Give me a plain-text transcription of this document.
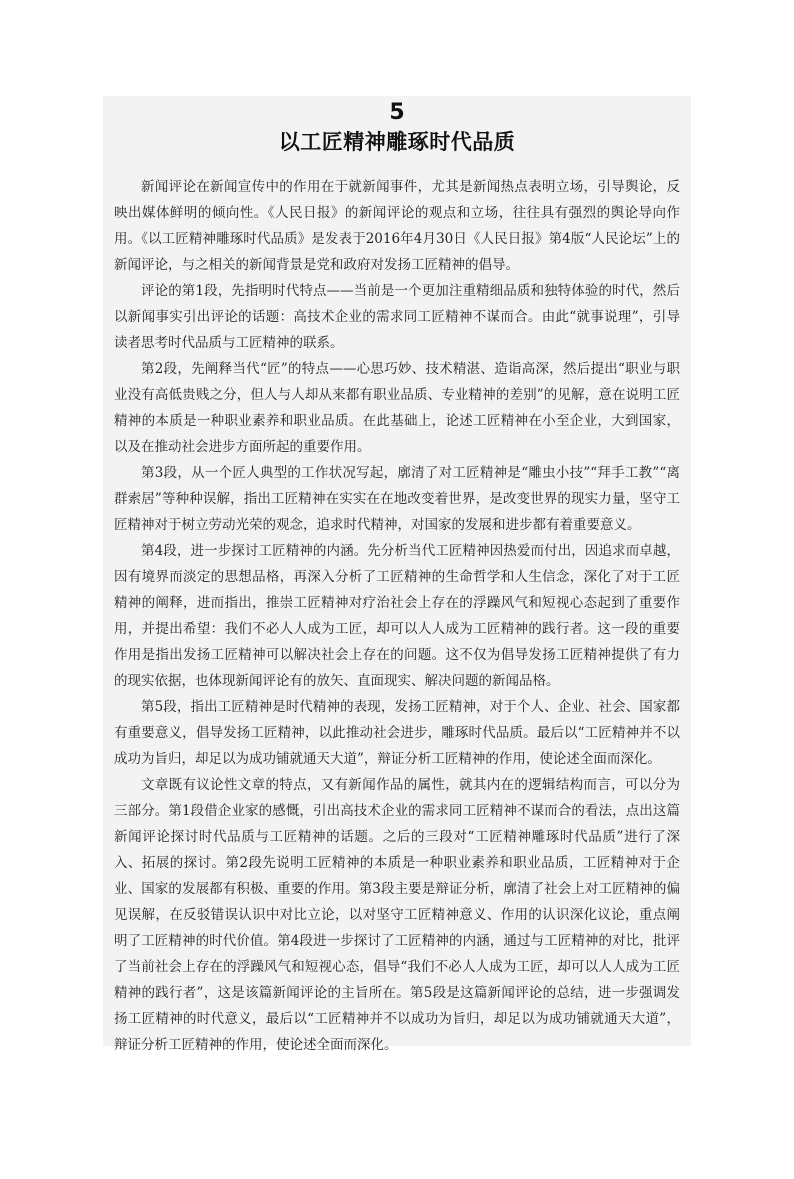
5
以工匠精神雕琢时代品质

新闻评论在新闻宣传中的作用在于就新闻事件，尤其是新闻热点表明立场，引导舆论，反映出媒体鲜明的倾向性。《人民日报》的新闻评论的观点和立场，往往具有强烈的舆论导向作用。《以工匠精神雕琢时代品质》是发表于2016年4月30日《人民日报》第4版“人民论坛”上的新闻评论，与之相关的新闻背景是党和政府对发扬工匠精神的倡导。

评论的第1段，先指明时代特点——当前是一个更加注重精细品质和独特体验的时代，然后以新闻事实引出评论的话题：高技术企业的需求同工匠精神不谋而合。由此“就事说理”，引导读者思考时代品质与工匠精神的联系。

第2段，先阐释当代“匠”的特点——心思巧妙、技术精湛、造诣高深，然后提出“职业与职业没有高低贵贱之分，但人与人却从来都有职业品质、专业精神的差别”的见解，意在说明工匠精神的本质是一种职业素养和职业品质。在此基础上，论述工匠精神在小至企业，大到国家，以及在推动社会进步方面所起的重要作用。

第3段，从一个匠人典型的工作状况写起，廓清了对工匠精神是“雕虫小技”“拜手工教”“离群索居”等种种误解，指出工匠精神在实实在在地改变着世界，是改变世界的现实力量，坚守工匠精神对于树立劳动光荣的观念，追求时代精神，对国家的发展和进步都有着重要意义。

第4段，进一步探讨工匠精神的内涵。先分析当代工匠精神因热爱而付出，因追求而卓越，因有境界而淡定的思想品格，再深入分析了工匠精神的生命哲学和人生信念，深化了对于工匠精神的阐释，进而指出，推崇工匠精神对疗治社会上存在的浮躁风气和短视心态起到了重要作用，并提出希望：我们不必人人成为工匠，却可以人人成为工匠精神的践行者。这一段的重要作用是指出发扬工匠精神可以解决社会上存在的问题。这不仅为倡导发扬工匠精神提供了有力的现实依据，也体现新闻评论有的放矢、直面现实、解决问题的新闻品格。

第5段，指出工匠精神是时代精神的表现，发扬工匠精神，对于个人、企业、社会、国家都有重要意义，倡导发扬工匠精神，以此推动社会进步，雕琢时代品质。最后以“工匠精神并不以成功为旨归，却足以为成功铺就通天大道”，辩证分析工匠精神的作用，使论述全面而深化。

文章既有议论性文章的特点，又有新闻作品的属性，就其内在的逻辑结构而言，可以分为三部分。第1段借企业家的感慨，引出高技术企业的需求同工匠精神不谋而合的看法，点出这篇新闻评论探讨时代品质与工匠精神的话题。之后的三段对“工匠精神雕琢时代品质”进行了深入、拓展的探讨。第2段先说明工匠精神的本质是一种职业素养和职业品质，工匠精神对于企业、国家的发展都有积极、重要的作用。第3段主要是辩证分析，廓清了社会上对工匠精神的偏见误解，在反驳错误认识中对比立论，以对坚守工匠精神意义、作用的认识深化议论，重点阐明了工匠精神的时代价值。第4段进一步探讨了工匠精神的内涵，通过与工匠精神的对比，批评了当前社会上存在的浮躁风气和短视心态，倡导“我们不必人人成为工匠，却可以人人成为工匠精神的践行者”，这是该篇新闻评论的主旨所在。第5段是这篇新闻评论的总结，进一步强调发扬工匠精神的时代意义，最后以“工匠精神并不以成功为旨归，却足以为成功铺就通天大道”，辩证分析工匠精神的作用，使论述全面而深化。
